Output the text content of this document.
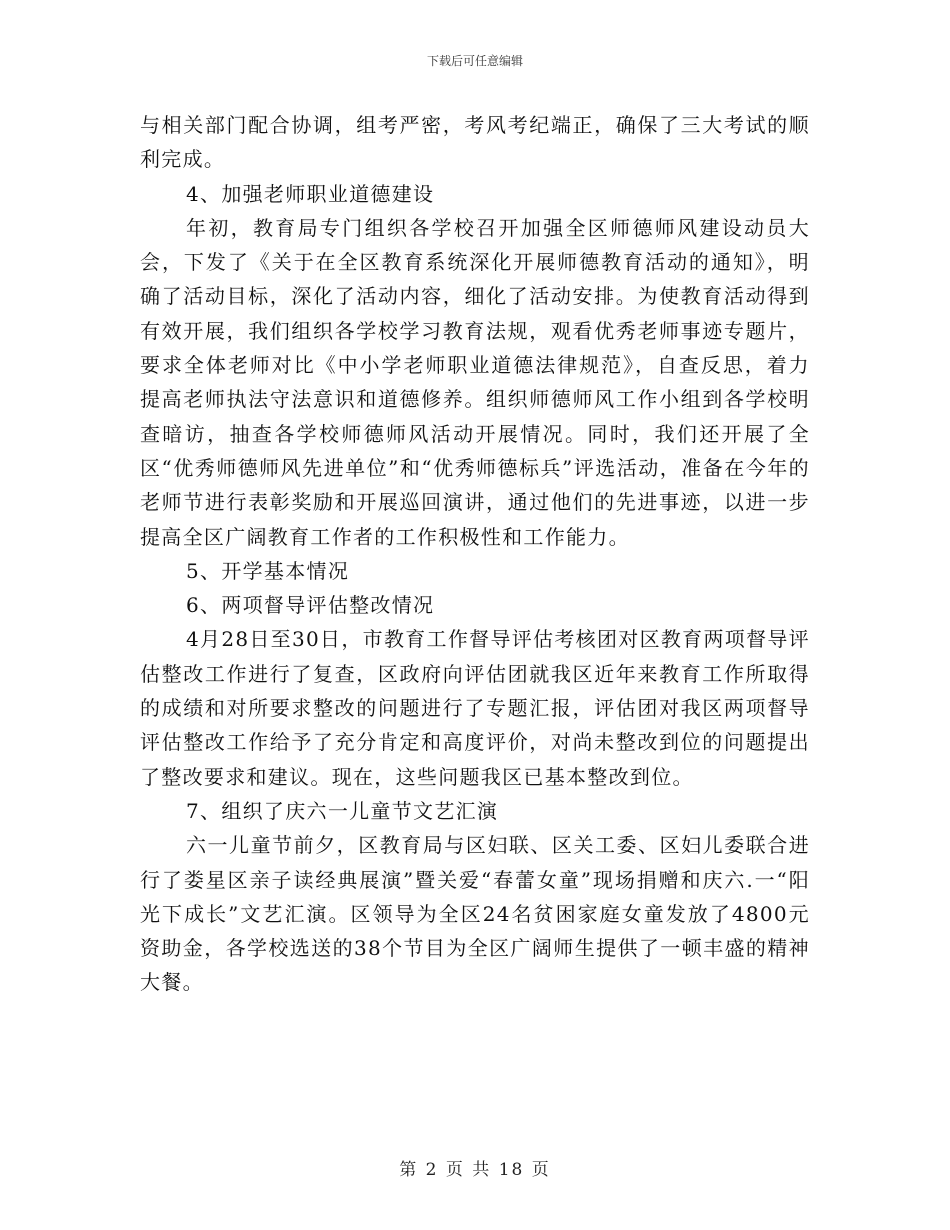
下载后可任意编辑

与相关部门配合协调，组考严密，考风考纪端正，确保了三大考试的顺利完成。

4、加强老师职业道德建设

年初，教育局专门组织各学校召开加强全区师德师风建设动员大会，下发了《关于在全区教育系统深化开展师德教育活动的通知》，明确了活动目标，深化了活动内容，细化了活动安排。为使教育活动得到有效开展，我们组织各学校学习教育法规，观看优秀老师事迹专题片，要求全体老师对比《中小学老师职业道德法律规范》，自查反思，着力提高老师执法守法意识和道德修养。组织师德师风工作小组到各学校明查暗访，抽查各学校师德师风活动开展情况。同时，我们还开展了全区“优秀师德师风先进单位”和“优秀师德标兵”评选活动，准备在今年的老师节进行表彰奖励和开展巡回演讲，通过他们的先进事迹，以进一步提高全区广阔教育工作者的工作积极性和工作能力。

5、开学基本情况

6、两项督导评估整改情况

4月28日至30日，市教育工作督导评估考核团对区教育两项督导评估整改工作进行了复查，区政府向评估团就我区近年来教育工作所取得的成绩和对所要求整改的问题进行了专题汇报，评估团对我区两项督导评估整改工作给予了充分肯定和高度评价，对尚未整改到位的问题提出了整改要求和建议。现在，这些问题我区已基本整改到位。

7、组织了庆六一儿童节文艺汇演

六一儿童节前夕，区教育局与区妇联、区关工委、区妇儿委联合进行了娄星区亲子读经典展演”暨关爱“春蕾女童”现场捐赠和庆六.一“阳光下成长”文艺汇演。区领导为全区24名贫困家庭女童发放了4800元资助金，各学校选送的38个节目为全区广阔师生提供了一顿丰盛的精神大餐。

第 2 页 共 18 页
